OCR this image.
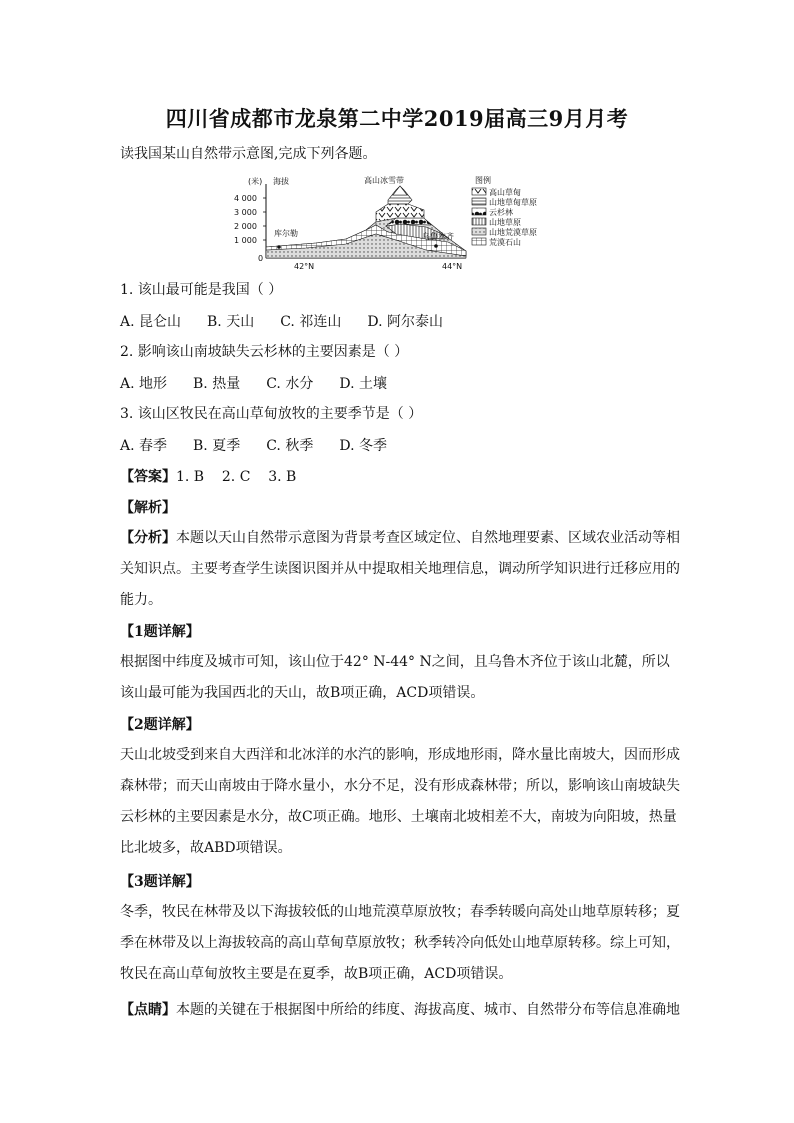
四川省成都市龙泉第二中学2019届高三9月月考
读我国某山自然带示意图,完成下列各题。
(米) 海拔
4 000
3 000
2 000
1 000
0
高山冰雪带
库尔勒	乌鲁木齐
42°N	44°N
图例
高山草甸
山地草甸草原
云杉林
山地草原
山地荒漠草原
荒漠石山
1. 该山最可能是我国（ ）
A. 昆仑山 B. 天山 C. 祁连山 D. 阿尔泰山
2. 影响该山南坡缺失云杉林的主要因素是（ ）
A. 地形 B. 热量 C. 水分 D. 土壤
3. 该山区牧民在高山草甸放牧的主要季节是（ ）
A. 春季 B. 夏季 C. 秋季 D. 冬季
【答案】1. B    2. C    3. B
【解析】
【分析】本题以天山自然带示意图为背景考查区域定位、自然地理要素、区域农业活动等相关知识点。主要考查学生读图识图并从中提取相关地理信息，调动所学知识进行迁移应用的能力。
【1题详解】
根据图中纬度及城市可知，该山位于42° N-44° N之间，且乌鲁木齐位于该山北麓，所以该山最可能为我国西北的天山，故B项正确，ACD项错误。
【2题详解】
天山北坡受到来自大西洋和北冰洋的水汽的影响，形成地形雨，降水量比南坡大，因而形成森林带；而天山南坡由于降水量小，水分不足，没有形成森林带；所以，影响该山南坡缺失云杉林的主要因素是水分，故C项正确。地形、土壤南北坡相差不大，南坡为向阳坡，热量比北坡多，故ABD项错误。
【3题详解】
冬季，牧民在林带及以下海拔较低的山地荒漠草原放牧；春季转暖向高处山地草原转移；夏季在林带及以上海拔较高的高山草甸草原放牧；秋季转冷向低处山地草原转移。综上可知，牧民在高山草甸放牧主要是在夏季，故B项正确，ACD项错误。
【点睛】本题的关键在于根据图中所给的纬度、海拔高度、城市、自然带分布等信息准确地
